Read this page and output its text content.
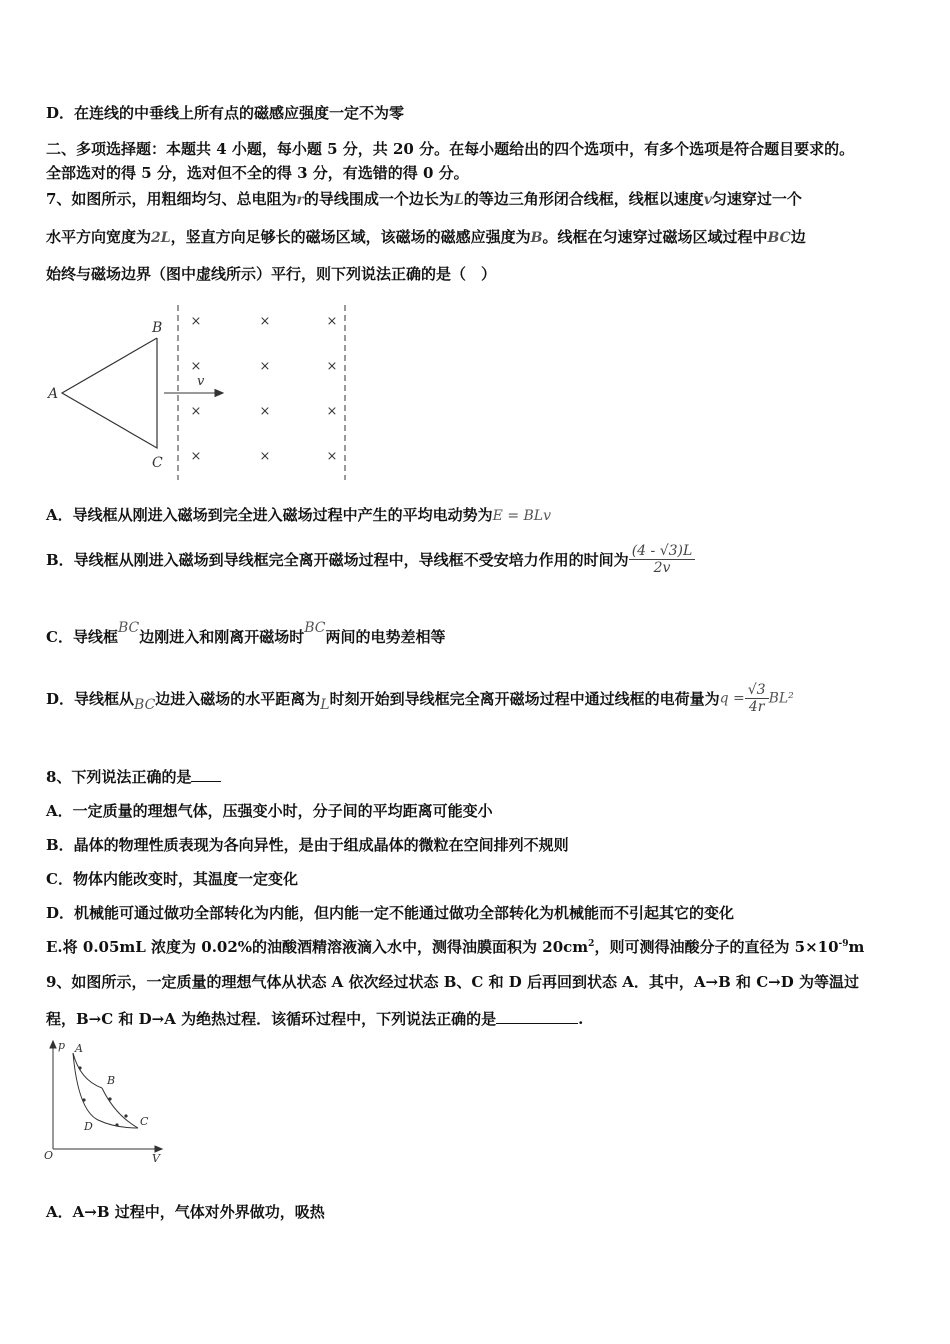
D．在连线的中垂线上所有点的磁感应强度一定不为零
二、多项选择题：本题共 4 小题，每小题 5 分，共 20 分。在每小题给出的四个选项中，有多个选项是符合题目要求的。
全部选对的得 5 分，选对但不全的得 3 分，有选错的得 0 分。
7、如图所示，用粗细均匀、总电阻为r的导线围成一个边长为L的等边三角形闭合线框，线框以速度v匀速穿过一个
水平方向宽度为2L，竖直方向足够长的磁场区域，该磁场的磁感应强度为B。线框在匀速穿过磁场区域过程中BC边
始终与磁场边界（图中虚线所示）平行，则下列说法正确的是（　）
A
B
C
v
×	×	×
×	×	×
×	×	×
×	×	×
A．导线框从刚进入磁场到完全进入磁场过程中产生的平均电动势为E = BLv
B．导线框从刚进入磁场到导线框完全离开磁场过程中，导线框不受安培力作用的时间为 $\frac{(4 - √3)L}{2v}$
C．导线框BC边刚进入和刚离开磁场时BC两间的电势差相等
D．导线框从BC边进入磁场的水平距离为L时刻开始到导线框完全离开磁场过程中通过线框的电荷量为$q = \frac{√3}{4r} BL^2$
8、下列说法正确的是
A．一定质量的理想气体，压强变小时，分子间的平均距离可能变小
B．晶体的物理性质表现为各向异性，是由于组成晶体的微粒在空间排列不规则
C．物体内能改变时，其温度一定变化
D．机械能可通过做功全部转化为内能，但内能一定不能通过做功全部转化为机械能而不引起其它的变化
E.将 0.05mL 浓度为 0.02%的油酸酒精溶液滴入水中，测得油膜面积为 $20cm^2$，则可测得油酸分子的直径为 $5\times 10^{-9}m$
9、如图所示，一定质量的理想气体从状态 A 依次经过状态 B、C 和 D 后再回到状态 A．其中，A→B 和 C→D 为等温过
程，B→C 和 D→A 为绝热过程．该循环过程中，下列说法正确的是	.
p
V
O
A
B
C
D
A．A→B 过程中，气体对外界做功，吸热
